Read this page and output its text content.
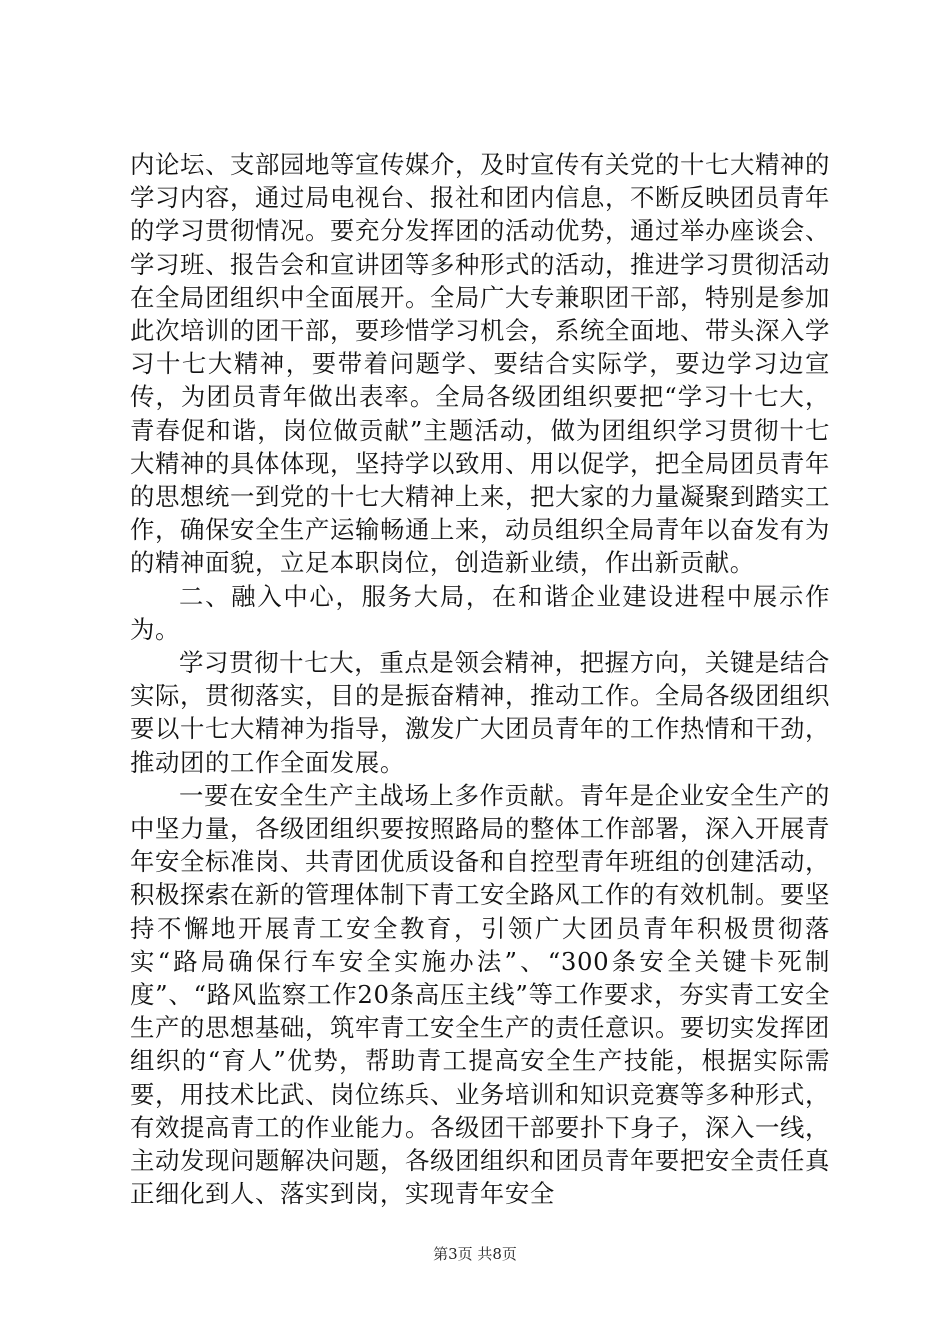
内论坛、支部园地等宣传媒介，及时宣传有关党的十七大精神的学习内容，通过局电视台、报社和团内信息，不断反映团员青年的学习贯彻情况。要充分发挥团的活动优势，通过举办座谈会、学习班、报告会和宣讲团等多种形式的活动，推进学习贯彻活动在全局团组织中全面展开。全局广大专兼职团干部，特别是参加此次培训的团干部，要珍惜学习机会，系统全面地、带头深入学习十七大精神，要带着问题学、要结合实际学，要边学习边宣传，为团员青年做出表率。全局各级团组织要把“学习十七大，青春促和谐，岗位做贡献”主题活动，做为团组织学习贯彻十七大精神的具体体现，坚持学以致用、用以促学，把全局团员青年的思想统一到党的十七大精神上来，把大家的力量凝聚到踏实工作，确保安全生产运输畅通上来，动员组织全局青年以奋发有为的精神面貌，立足本职岗位，创造新业绩，作出新贡献。

二、融入中心，服务大局，在和谐企业建设进程中展示作为。

学习贯彻十七大，重点是领会精神，把握方向，关键是结合实际，贯彻落实，目的是振奋精神，推动工作。全局各级团组织要以十七大精神为指导，激发广大团员青年的工作热情和干劲，推动团的工作全面发展。

一要在安全生产主战场上多作贡献。青年是企业安全生产的中坚力量，各级团组织要按照路局的整体工作部署，深入开展青年安全标准岗、共青团优质设备和自控型青年班组的创建活动，积极探索在新的管理体制下青工安全路风工作的有效机制。要坚持不懈地开展青工安全教育，引领广大团员青年积极贯彻落实“路局确保行车安全实施办法”、“300条安全关键卡死制度”、“路风监察工作20条高压主线”等工作要求，夯实青工安全生产的思想基础，筑牢青工安全生产的责任意识。要切实发挥团组织的“育人”优势，帮助青工提高安全生产技能，根据实际需要，用技术比武、岗位练兵、业务培训和知识竞赛等多种形式，有效提高青工的作业能力。各级团干部要扑下身子，深入一线，主动发现问题解决问题，各级团组织和团员青年要把安全责任真正细化到人、落实到岗，实现青年安全

第3页 共8页
